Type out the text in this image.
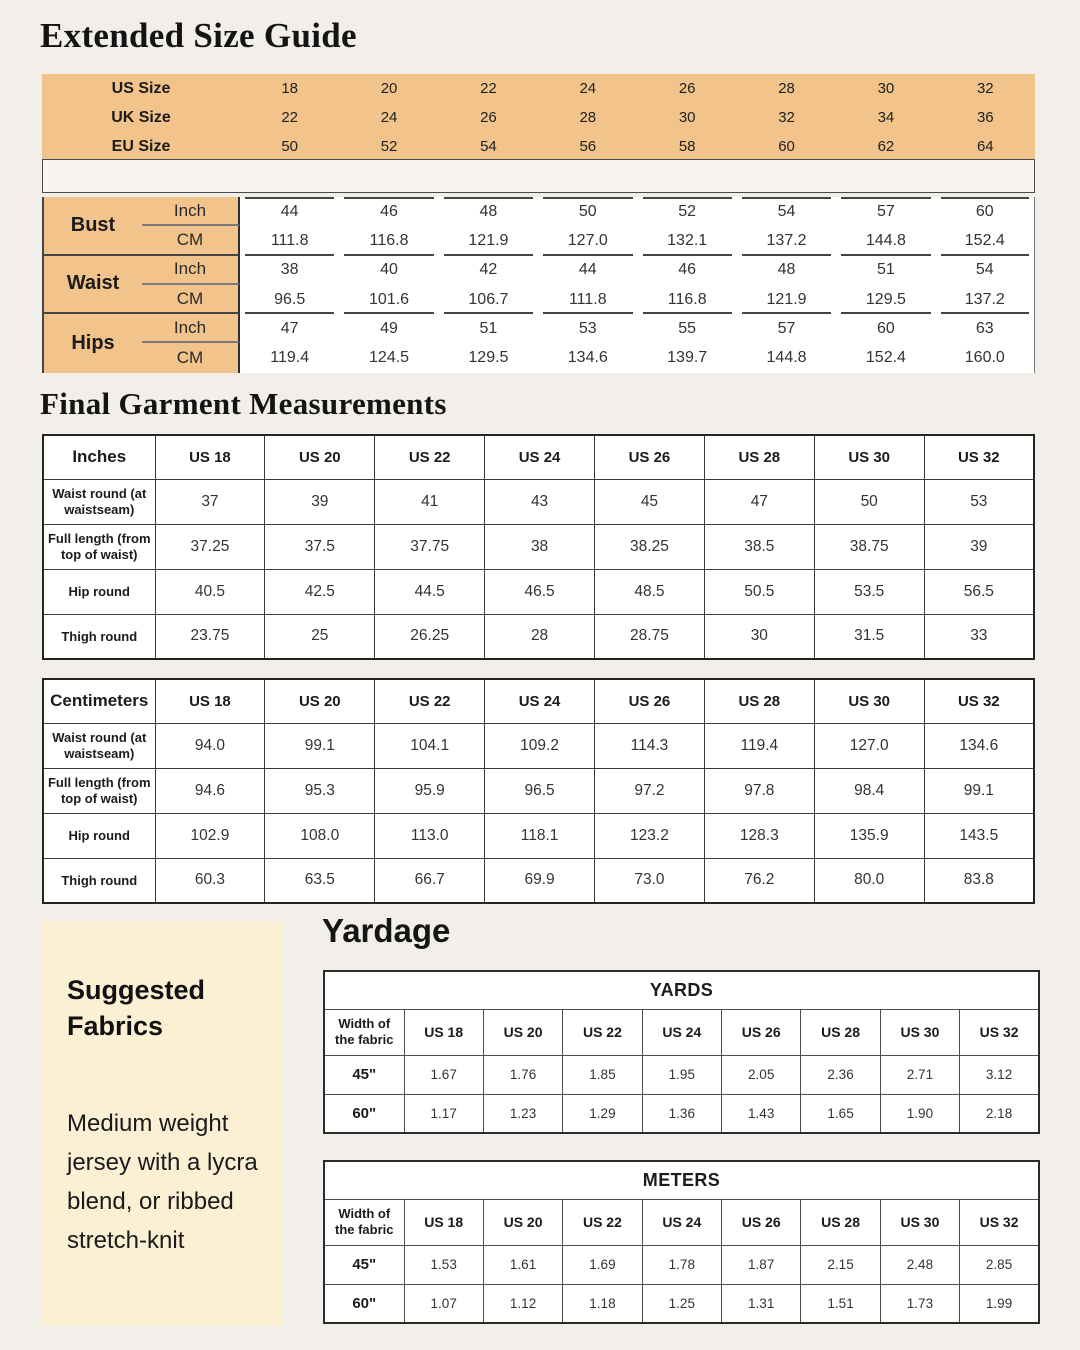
Extended Size Guide
US Size	18	20	22	24	26	28	30	32
UK Size	22	24	26	28	30	32	34	36
EU Size	50	52	54	56	58	60	62	64
Bust
Inch	44	46	48	50	52	54	57	60
CM	111.8	116.8	121.9	127.0	132.1	137.2	144.8	152.4
Waist
Inch	38	40	42	44	46	48	51	54
CM	96.5	101.6	106.7	111.8	116.8	121.9	129.5	137.2
Hips
Inch	47	49	51	53	55	57	60	63
CM	119.4	124.5	129.5	134.6	139.7	144.8	152.4	160.0
Final Garment Measurements
Inches	US 18	US 20	US 22	US 24	US 26	US 28	US 30	US 32
Waist round (at waistseam)	37	39	41	43	45	47	50	53
Full length (from top of waist)	37.25	37.5	37.75	38	38.25	38.5	38.75	39
Hip round	40.5	42.5	44.5	46.5	48.5	50.5	53.5	56.5
Thigh round	23.75	25	26.25	28	28.75	30	31.5	33
Centimeters	US 18	US 20	US 22	US 24	US 26	US 28	US 30	US 32
Waist round (at waistseam)	94.0	99.1	104.1	109.2	114.3	119.4	127.0	134.6
Full length (from top of waist)	94.6	95.3	95.9	96.5	97.2	97.8	98.4	99.1
Hip round	102.9	108.0	113.0	118.1	123.2	128.3	135.9	143.5
Thigh round	60.3	63.5	66.7	69.9	73.0	76.2	80.0	83.8
Suggested Fabrics
Medium weight jersey with a lycra blend, or ribbed stretch-knit
Yardage
YARDS								
Width of the fabric	US 18	US 20	US 22	US 24	US 26	US 28	US 30	US 32
45"	1.67	1.76	1.85	1.95	2.05	2.36	2.71	3.12
60"	1.17	1.23	1.29	1.36	1.43	1.65	1.90	2.18
METERS								
Width of the fabric	US 18	US 20	US 22	US 24	US 26	US 28	US 30	US 32
45"	1.53	1.61	1.69	1.78	1.87	2.15	2.48	2.85
60"	1.07	1.12	1.18	1.25	1.31	1.51	1.73	1.99
